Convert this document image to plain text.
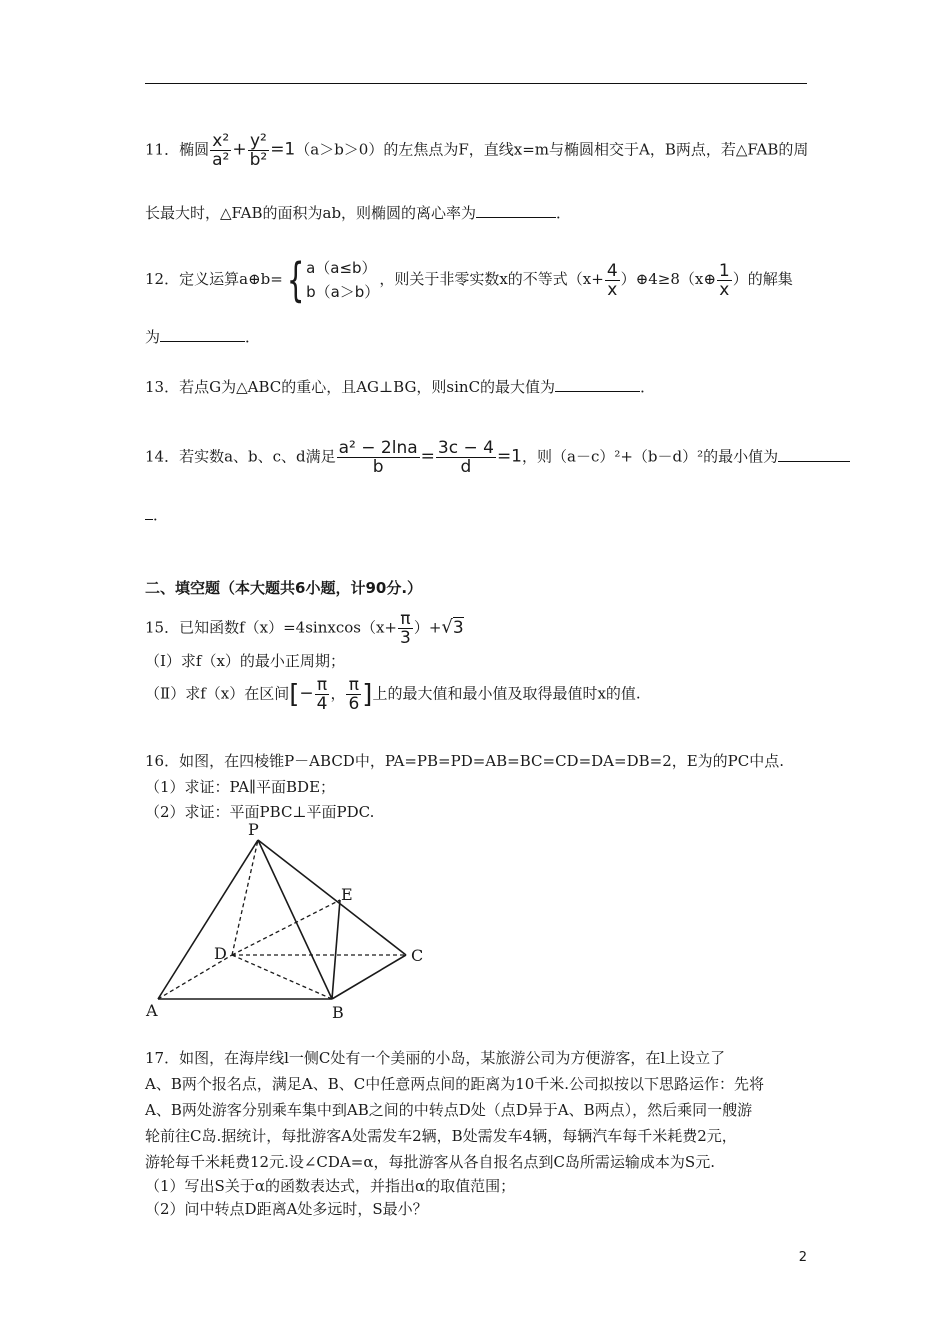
11．椭圆 $\frac{\text{x²}}{\text{a²}} + \frac{\text{y²}}{\text{b²}} =1(a>b>0)$的左焦点为F，直线x=m与椭圆相交于A，B两点，若△FAB的周
长最大时，△FAB的面积为ab，则椭圆的离心率为	．
12．定义运算a⊕b={ a（a≤b）
b（a＞b）
，则关于非零实数x的不等式（$x+ \frac{4}{x}$ ）⊕4≥8（x⊕ $\frac{1}{x}$ ）的解集
为	．
13．若点G为△ABC的重心，且AG⊥BG，则sinC的最大值为	．
14．若实数a、b、c、d满足 $\frac{\text{a² − 2lna}}{b} = \frac{3c - 4}{d} =1$，则（a－c）²+（b－d）²的最小值为
．
二、填空题（本大题共6小题，计90分.）
15．已知函数f（x）=4sinxcos（x+ $\frac{\pi}{3} )+√3$
（Ⅰ）求f（x）的最小正周期；
（Ⅱ）求f（x）在区间[− $\frac{\pi}{4}$ ， $\frac{\pi}{6}$ ]上的最大值和最小值及取得最值时x的值.
16．如图，在四棱锥P－ABCD中，PA=PB=PD=AB=BC=CD=DA=DB=2，E为的PC中点.
（1）求证：PA∥平面BDE；
（2）求证：平面PBC⊥平面PDC.
P
E
D	C
A	B
17．如图，在海岸线l一侧C处有一个美丽的小岛，某旅游公司为方便游客，在l上设立了
A、B两个报名点，满足A、B、C中任意两点间的距离为10千米.公司拟按以下思路运作：先将
A、B两处游客分别乘车集中到AB之间的中转点D处（点D异于A、B两点），然后乘同一艘游
轮前往C岛.据统计，每批游客A处需发车2辆，B处需发车4辆，每辆汽车每千米耗费2元，
游轮每千米耗费12元.设∠CDA=α，每批游客从各自报名点到C岛所需运输成本为S元.
（1）写出S关于α的函数表达式，并指出α的取值范围；
（2）问中转点D距离A处多远时，S最小？
2
